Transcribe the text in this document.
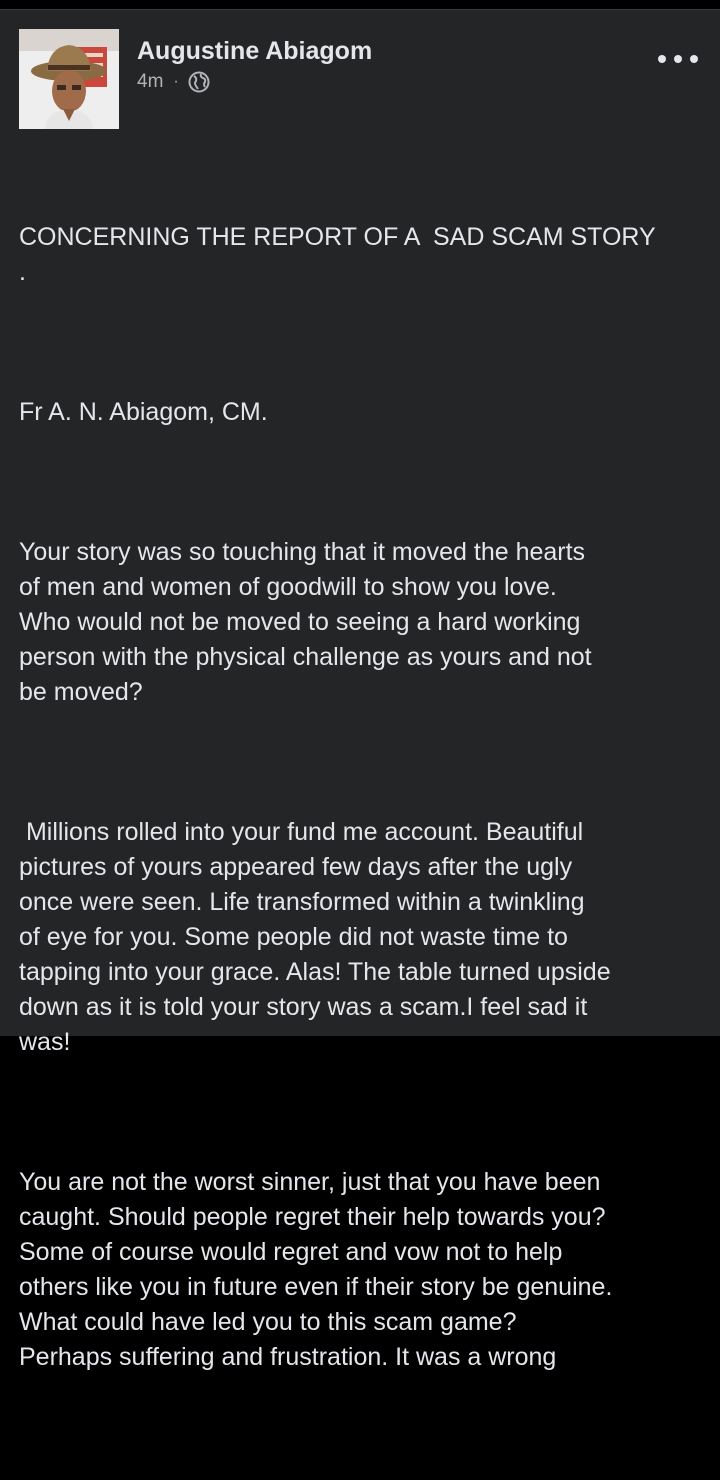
Augustine Abiagom
4m ·

CONCERNING THE REPORT OF A  SAD SCAM STORY
.

Fr A. N. Abiagom, CM.

Your story was so touching that it moved the hearts
of men and women of goodwill to show you love.
Who would not be moved to seeing a hard working
person with the physical challenge as yours and not
be moved?

Millions rolled into your fund me account. Beautiful
pictures of yours appeared few days after the ugly
once were seen. Life transformed within a twinkling
of eye for you. Some people did not waste time to
tapping into your grace. Alas! The table turned upside
down as it is told your story was a scam.I feel sad it
was!

You are not the worst sinner, just that you have been
caught. Should people regret their help towards you?
Some of course would regret and vow not to help
others like you in future even if their story be genuine.
What could have led you to this scam game?
Perhaps suffering and frustration. It was a wrong
